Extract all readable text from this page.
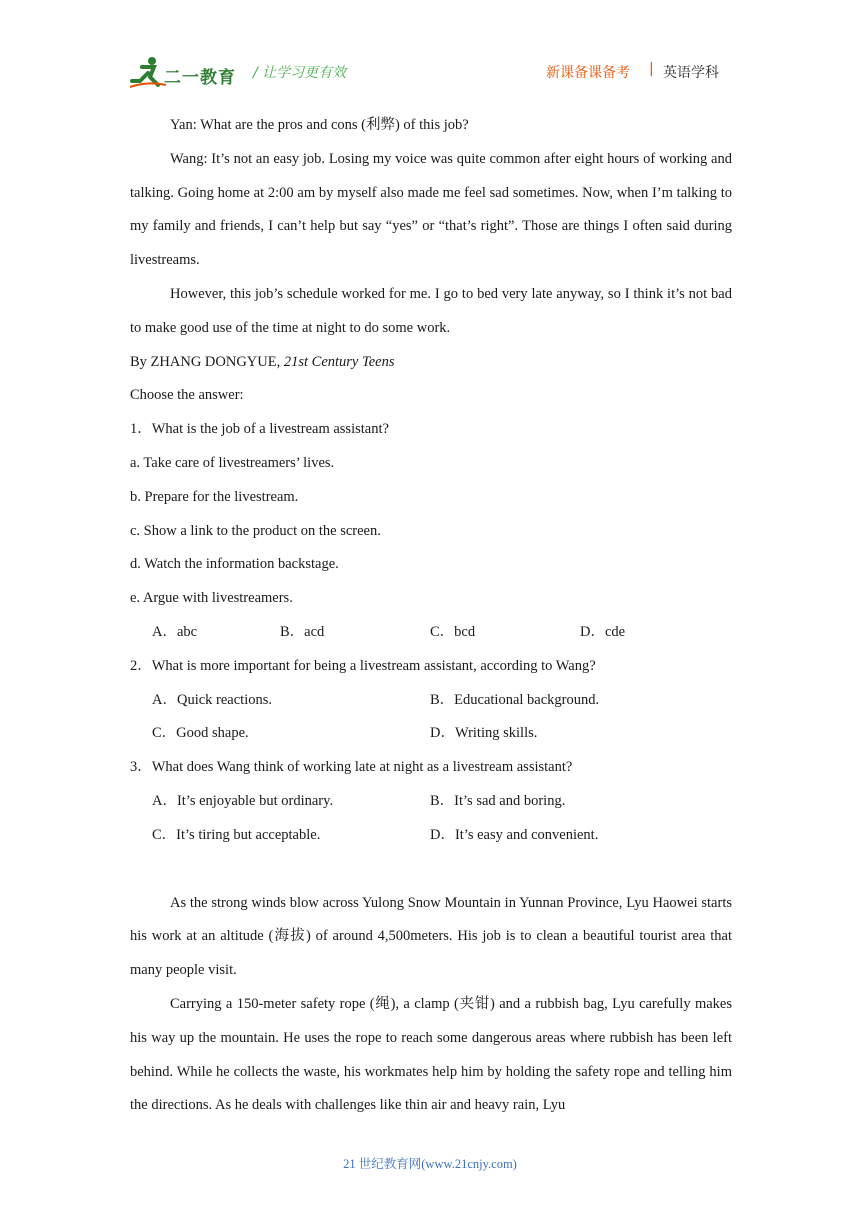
二一教育 / 让学习更有效	新课备课备考 | 英语学科
Yan: What are the pros and cons (利弊) of this job?
Wang: It’s not an easy job. Losing my voice was quite common after eight hours of working and talking. Going home at 2:00 am by myself also made me feel sad sometimes. Now, when I’m talking to my family and friends, I can’t help but say “yes” or “that’s right”. Those are things I often said during livestreams.
However, this job’s schedule worked for me. I go to bed very late anyway, so I think it’s not bad to make good use of the time at night to do some work.
By ZHANG DONGYUE, 21st Century Teens
Choose the answer:
1．What is the job of a livestream assistant?
a. Take care of livestreamers’ lives.
b. Prepare for the livestream.
c. Show a link to the product on the screen.
d. Watch the information backstage.
e. Argue with livestreamers.
A．abc	B．acd	C．bcd	D．cde
2．What is more important for being a livestream assistant, according to Wang?
A．Quick reactions.	B．Educational background.
C．Good shape.	D．Writing skills.
3．What does Wang think of working late at night as a livestream assistant?
A．It’s enjoyable but ordinary.	B．It’s sad and boring.
C．It’s tiring but acceptable.	D．It’s easy and convenient.
As the strong winds blow across Yulong Snow Mountain in Yunnan Province, Lyu Haowei starts his work at an altitude (海拔) of around 4,500meters. His job is to clean a beautiful tourist area that many people visit.
Carrying a 150-meter safety rope (绳), a clamp (夹钳) and a rubbish bag, Lyu carefully makes his way up the mountain. He uses the rope to reach some dangerous areas where rubbish has been left behind. While he collects the waste, his workmates help him by holding the safety rope and telling him the directions. As he deals with challenges like thin air and heavy rain, Lyu
21 世纪教育网(www.21cnjy.com)
